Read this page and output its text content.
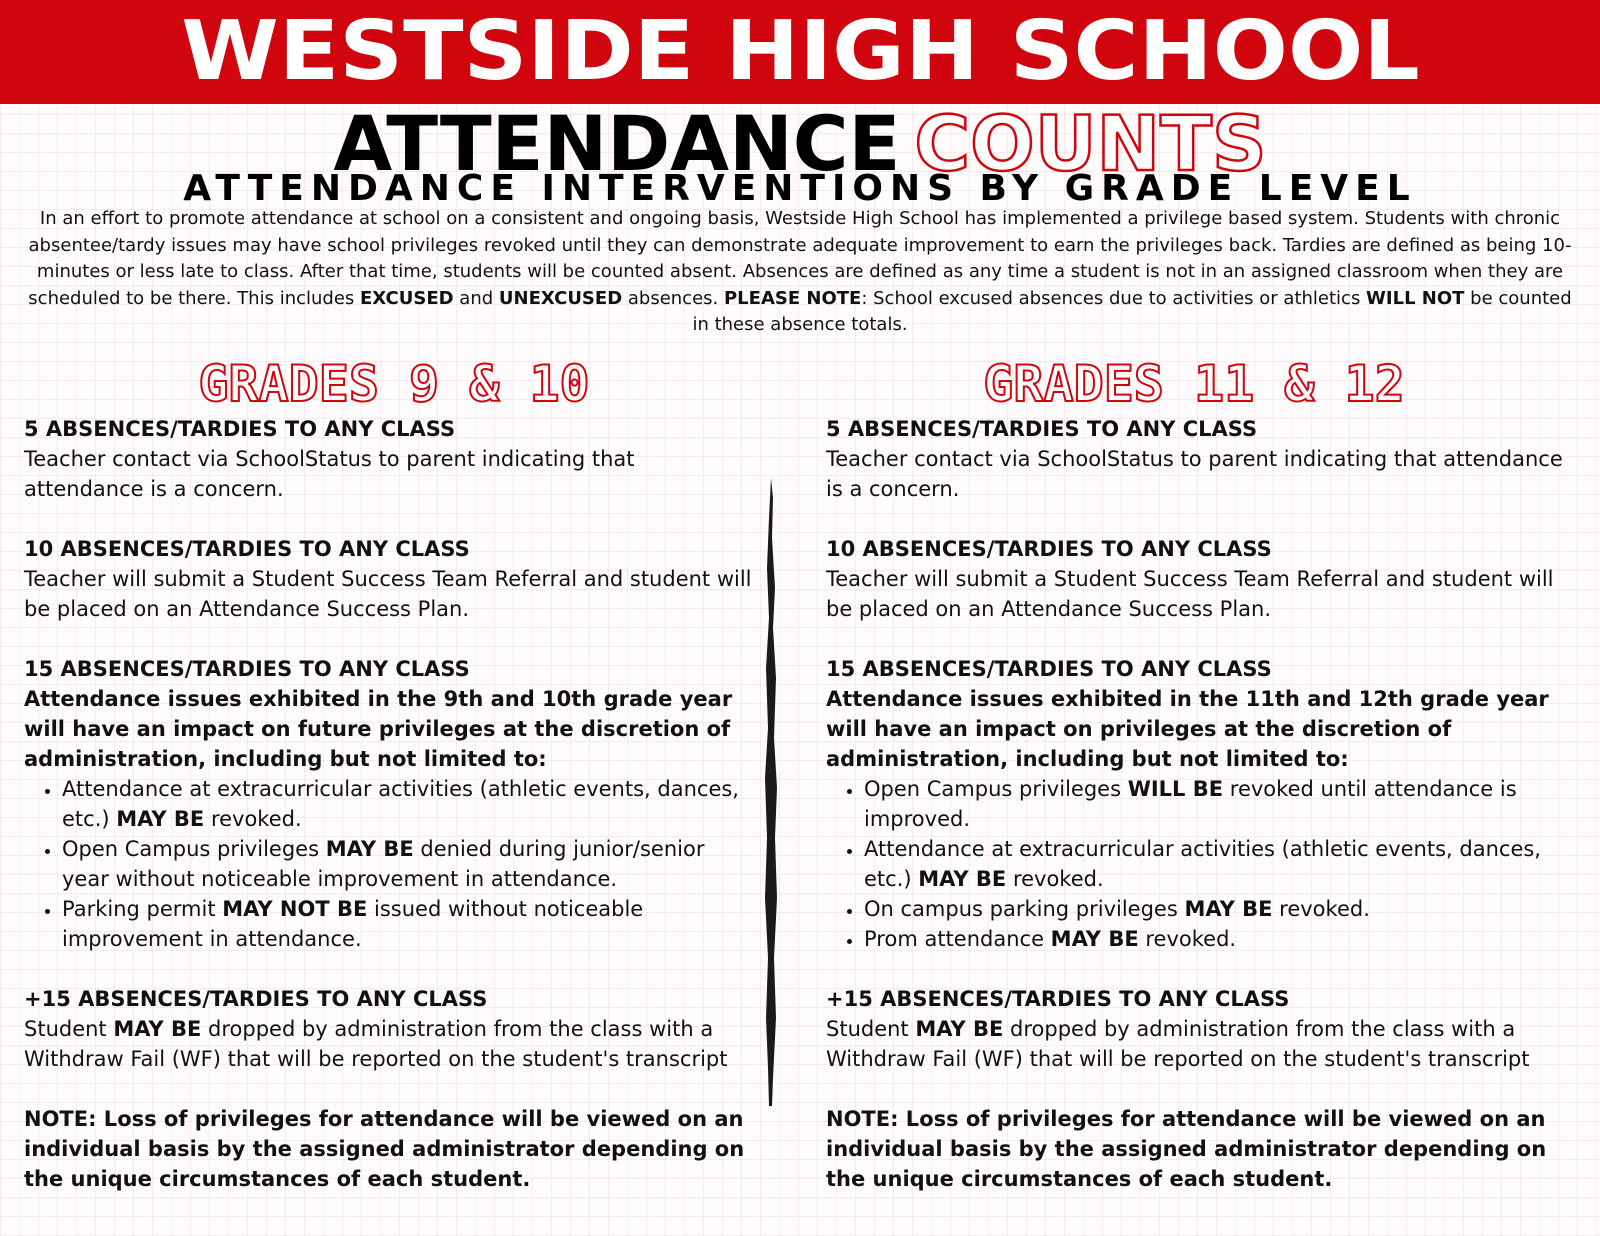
WESTSIDE HIGH SCHOOL
ATTENDANCE COUNTS
ATTENDANCE INTERVENTIONS BY GRADE LEVEL

In an effort to promote attendance at school on a consistent and ongoing basis, Westside High School has implemented a privilege based system. Students with chronic absentee/tardy issues may have school privileges revoked until they can demonstrate adequate improvement to earn the privileges back. Tardies are defined as being 10-minutes or less late to class. After that time, students will be counted absent. Absences are defined as any time a student is not in an assigned classroom when they are scheduled to be there. This includes EXCUSED and UNEXCUSED absences. PLEASE NOTE: School excused absences due to activities or athletics WILL NOT be counted in these absence totals.

GRADES 9 & 10	GRADES 11 & 12
5 ABSENCES/TARDIES TO ANY CLASS
Teacher contact via SchoolStatus to parent indicating that attendance is a concern.
10 ABSENCES/TARDIES TO ANY CLASS
Teacher will submit a Student Success Team Referral and student will be placed on an Attendance Success Plan.
15 ABSENCES/TARDIES TO ANY CLASS
Attendance issues exhibited in the 9th and 10th grade year will have an impact on future privileges at the discretion of administration, including but not limited to:
• Attendance at extracurricular activities (athletic events, dances, etc.) MAY BE revoked.
• Open Campus privileges MAY BE denied during junior/senior year without noticeable improvement in attendance.
• Parking permit MAY NOT BE issued without noticeable improvement in attendance.
+15 ABSENCES/TARDIES TO ANY CLASS
Student MAY BE dropped by administration from the class with a Withdraw Fail (WF) that will be reported on the student's transcript
NOTE: Loss of privileges for attendance will be viewed on an individual basis by the assigned administrator depending on the unique circumstances of each student.
5 ABSENCES/TARDIES TO ANY CLASS
Teacher contact via SchoolStatus to parent indicating that attendance is a concern.
10 ABSENCES/TARDIES TO ANY CLASS
Teacher will submit a Student Success Team Referral and student will be placed on an Attendance Success Plan.
15 ABSENCES/TARDIES TO ANY CLASS
Attendance issues exhibited in the 11th and 12th grade year will have an impact on privileges at the discretion of administration, including but not limited to:
• Open Campus privileges WILL BE revoked until attendance is improved.
• Attendance at extracurricular activities (athletic events, dances, etc.) MAY BE revoked.
• On campus parking privileges MAY BE revoked.
• Prom attendance MAY BE revoked.
+15 ABSENCES/TARDIES TO ANY CLASS
Student MAY BE dropped by administration from the class with a Withdraw Fail (WF) that will be reported on the student's transcript
NOTE: Loss of privileges for attendance will be viewed on an individual basis by the assigned administrator depending on the unique circumstances of each student.
